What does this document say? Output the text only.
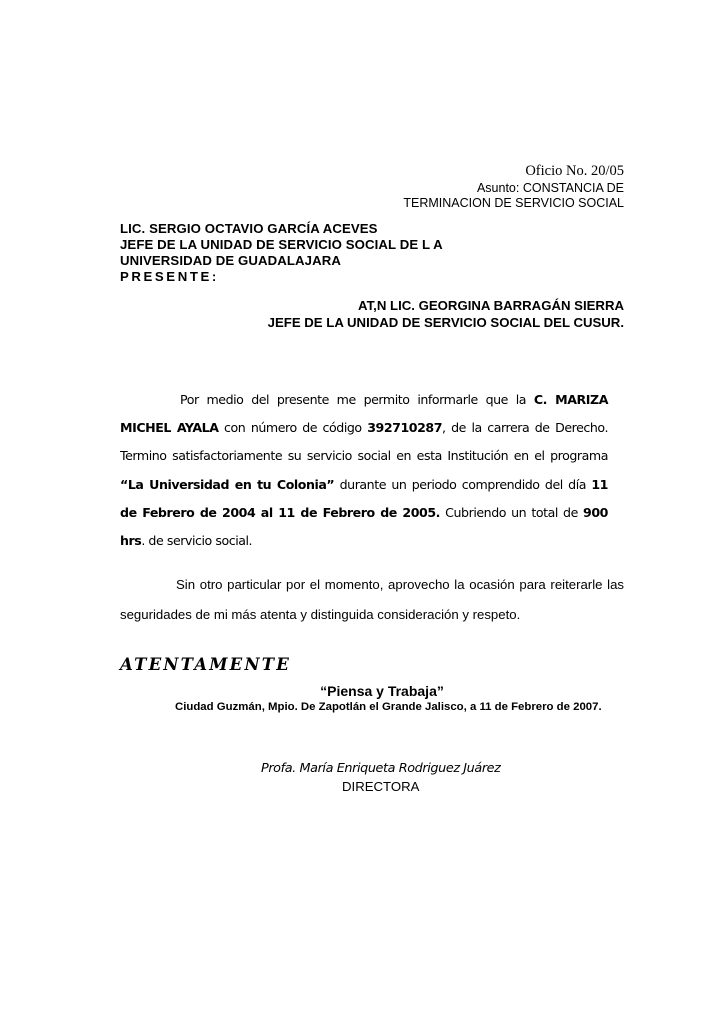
Oficio No. 20/05
Asunto: CONSTANCIA DE
TERMINACION DE SERVICIO SOCIAL
LIC. SERGIO OCTAVIO GARCÍA ACEVES
JEFE DE LA UNIDAD DE SERVICIO SOCIAL DE L A
UNIVERSIDAD DE GUADALAJARA
PRESENTE:
AT,N LIC. GEORGINA BARRAGÁN SIERRA
JEFE DE LA UNIDAD DE SERVICIO SOCIAL DEL CUSUR.
Por medio del presente me permito informarle que la C. MARIZA MICHEL AYALA con número de código 392710287, de la carrera de Derecho. Termino satisfactoriamente su servicio social en esta Institución en el programa “La Universidad en tu Colonia” durante un periodo comprendido del día 11 de Febrero de 2004 al 11 de Febrero de 2005. Cubriendo un total de 900 hrs. de servicio social.
Sin otro particular por el momento, aprovecho la ocasión para reiterarle las seguridades de mi más atenta y distinguida consideración y respeto.
ATENTAMENTE
“Piensa y Trabaja”
Ciudad Guzmán, Mpio. De Zapotlán el Grande Jalisco, a 11 de Febrero de 2007.
Profa. María Enriqueta Rodriguez Juárez
DIRECTORA
